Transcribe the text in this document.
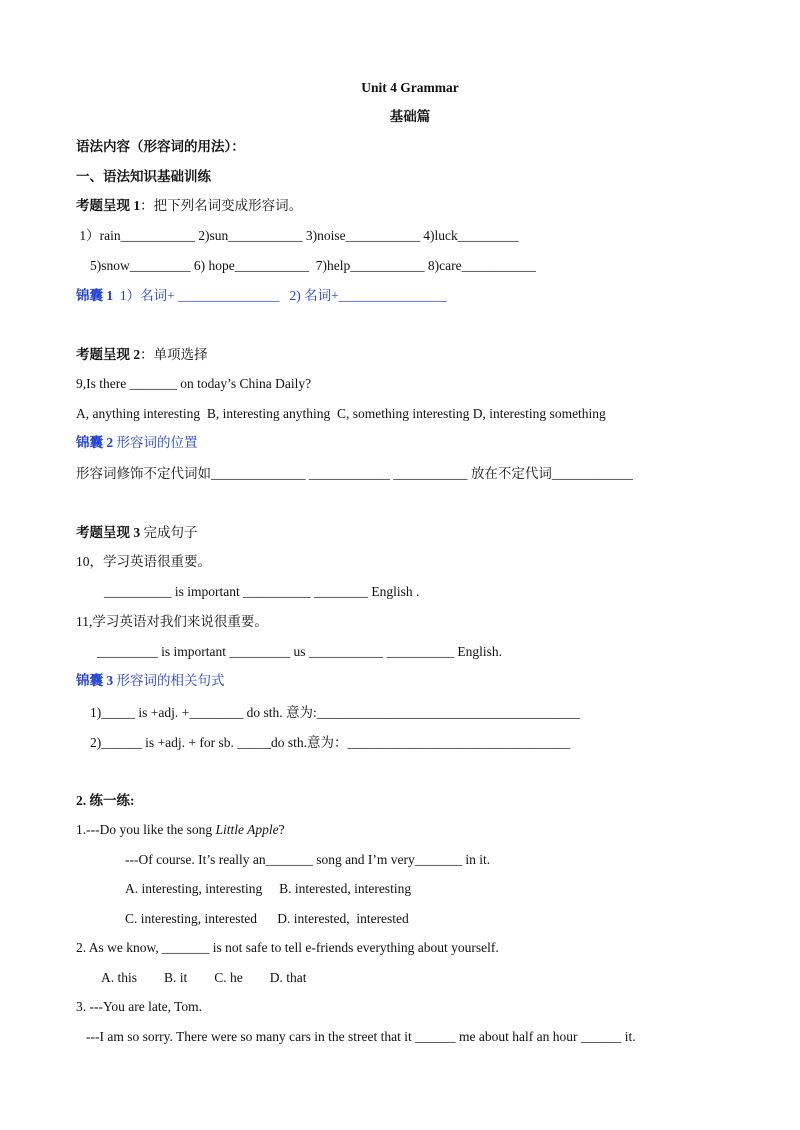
Unit 4 Grammar
基础篇
语法内容（形容词的用法）：
一、语法知识基础训练
考题呈现 1：把下列名词变成形容词。
1）rain___________ 2)sun___________ 3)noise___________ 4)luck_________
5)snow_________ 6) hope___________  7)help___________ 8)care___________
锦囊 1  1）名词+ _______________   2) 名词+________________
考题呈现 2：单项选择
9,Is there _______ on today’s China Daily?
A, anything interesting  B, interesting anything  C, something interesting D, interesting something
锦囊 2 形容词的位置
形容词修饰不定代词如______________ ____________ ___________ 放在不定代词____________
考题呈现 3 完成句子
10，学习英语很重要。
__________ is important __________ ________ English .
11,学习英语对我们来说很重要。
_________ is important _________ us ___________ __________ English.
锦囊 3 形容词的相关句式
1)_____ is +adj. +________ do sth. 意为:_______________________________________
2)______ is +adj. + for sb. _____do sth.意为：_________________________________
2. 练一练:
1.---Do you like the song Little Apple?
---Of course. It’s really an_______ song and I’m very_______ in it.
A. interesting, interesting     B. interested, interesting
C. interesting, interested      D. interested,  interested
2. As we know, _______ is not safe to tell e-friends everything about yourself.
A. this        B. it        C. he        D. that
3. ---You are late, Tom.
---I am so sorry. There were so many cars in the street that it ______ me about half an hour ______ it.
